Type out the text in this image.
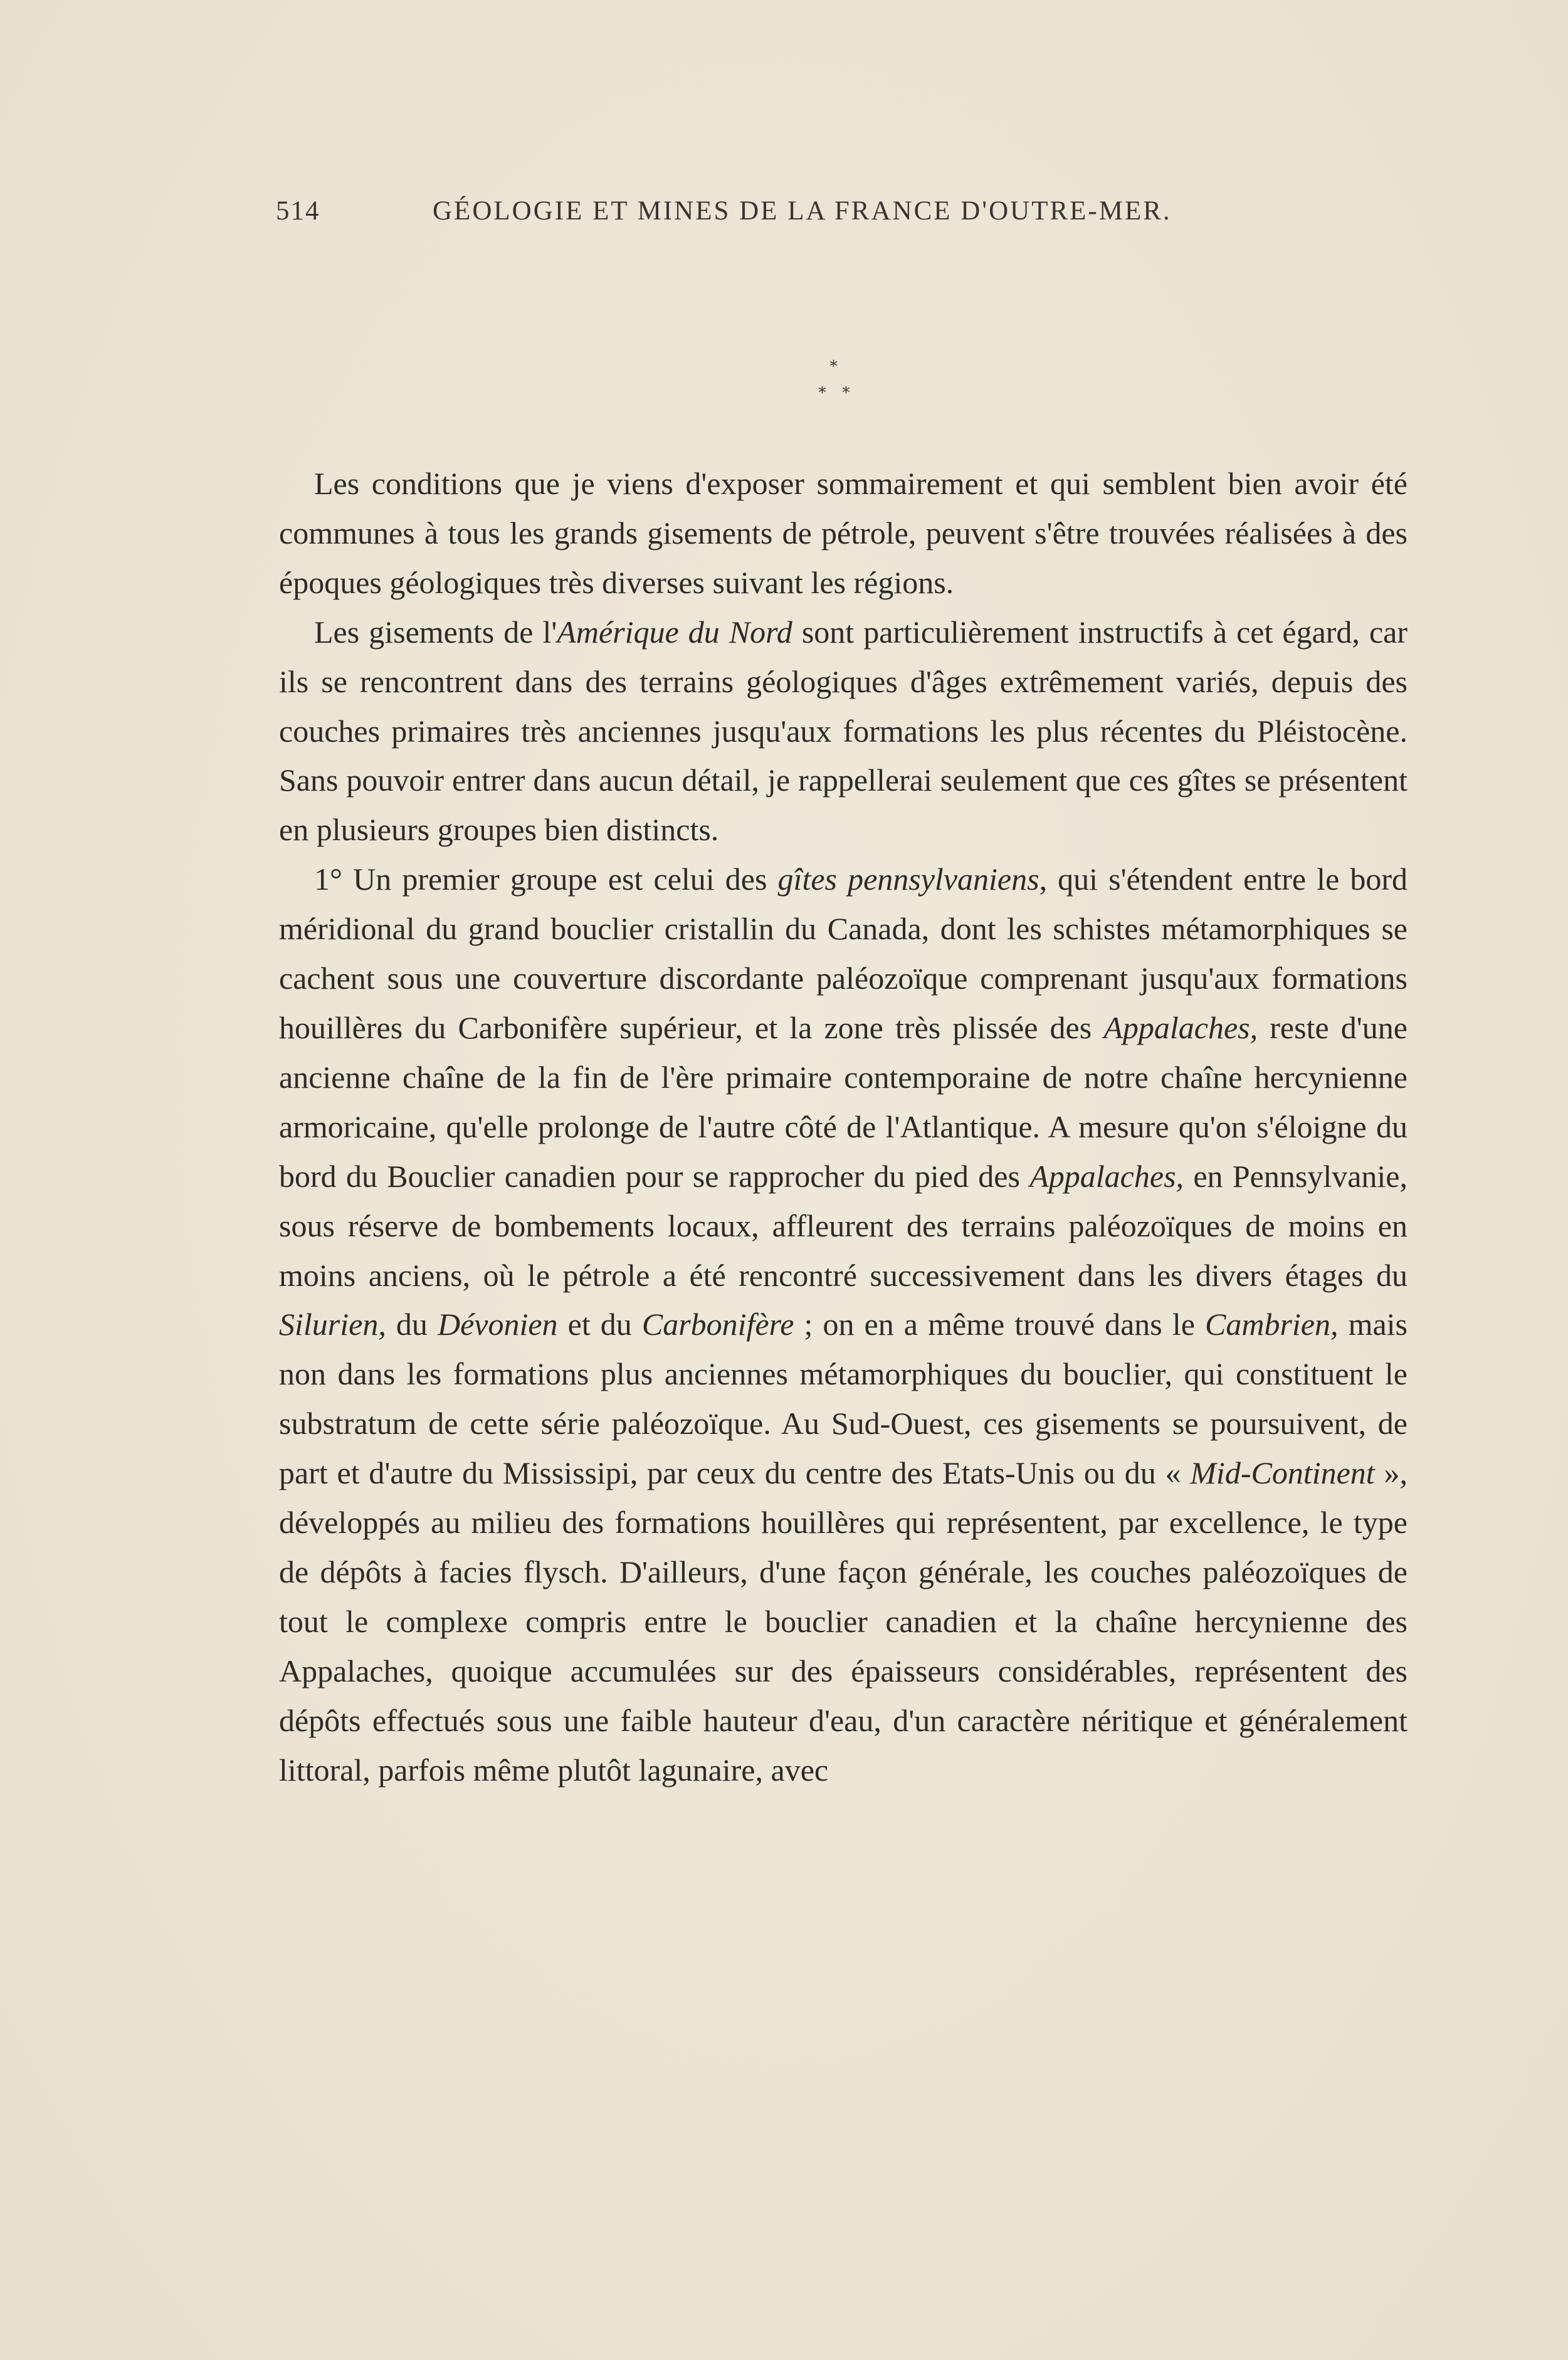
514	GÉOLOGIE ET MINES DE LA FRANCE D'OUTRE-MER.
*
* *

Les conditions que je viens d'exposer sommairement et qui semblent bien avoir été communes à tous les grands gisements de pétrole, peuvent s'être trouvées réalisées à des époques géologiques très diverses suivant les régions.

Les gisements de l'Amérique du Nord sont particulièrement instructifs à cet égard, car ils se rencontrent dans des terrains géologiques d'âges extrêmement variés, depuis des couches primaires très anciennes jusqu'aux formations les plus récentes du Pléistocène. Sans pouvoir entrer dans aucun détail, je rappellerai seulement que ces gîtes se présentent en plusieurs groupes bien distincts.

1° Un premier groupe est celui des gîtes pennsylvaniens, qui s'étendent entre le bord méridional du grand bouclier cristallin du Canada, dont les schistes métamorphiques se cachent sous une couverture discordante paléozoïque comprenant jusqu'aux formations houillères du Carbonifère supérieur, et la zone très plissée des Appalaches, reste d'une ancienne chaîne de la fin de l'ère primaire contemporaine de notre chaîne hercynienne armoricaine, qu'elle prolonge de l'autre côté de l'Atlantique. A mesure qu'on s'éloigne du bord du Bouclier canadien pour se rapprocher du pied des Appalaches, en Pennsylvanie, sous réserve de bombements locaux, affleurent des terrains paléozoïques de moins en moins anciens, où le pétrole a été rencontré successivement dans les divers étages du Silurien, du Dévonien et du Carbonifère ; on en a même trouvé dans le Cambrien, mais non dans les formations plus anciennes métamorphiques du bouclier, qui constituent le substratum de cette série paléozoïque. Au Sud-Ouest, ces gisements se poursuivent, de part et d'autre du Mississipi, par ceux du centre des Etats-Unis ou du « Mid-Continent », développés au milieu des formations houillères qui représentent, par excellence, le type de dépôts à facies flysch. D'ailleurs, d'une façon générale, les couches paléozoïques de tout le complexe compris entre le bouclier canadien et la chaîne hercynienne des Appalaches, quoique accumulées sur des épaisseurs considérables, représentent des dépôts effectués sous une faible hauteur d'eau, d'un caractère néritique et généralement littoral, parfois même plutôt lagunaire, avec
